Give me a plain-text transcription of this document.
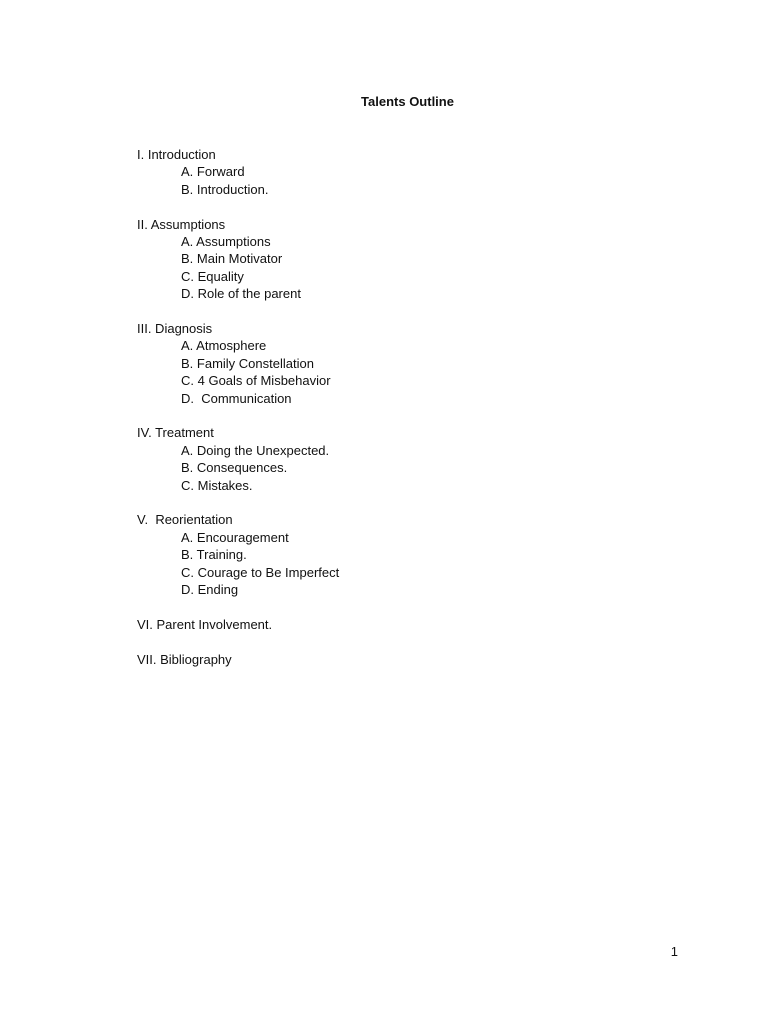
Talents Outline
I. Introduction
A. Forward
B. Introduction.
II. Assumptions
A. Assumptions
B. Main Motivator
C. Equality
D. Role of the parent
III. Diagnosis
A. Atmosphere
B. Family Constellation
C. 4 Goals of Misbehavior
D.  Communication
IV. Treatment
A. Doing the Unexpected.
B. Consequences.
C. Mistakes.
V.  Reorientation
A. Encouragement
B. Training.
C. Courage to Be Imperfect
D. Ending
VI. Parent Involvement.
VII. Bibliography
1
